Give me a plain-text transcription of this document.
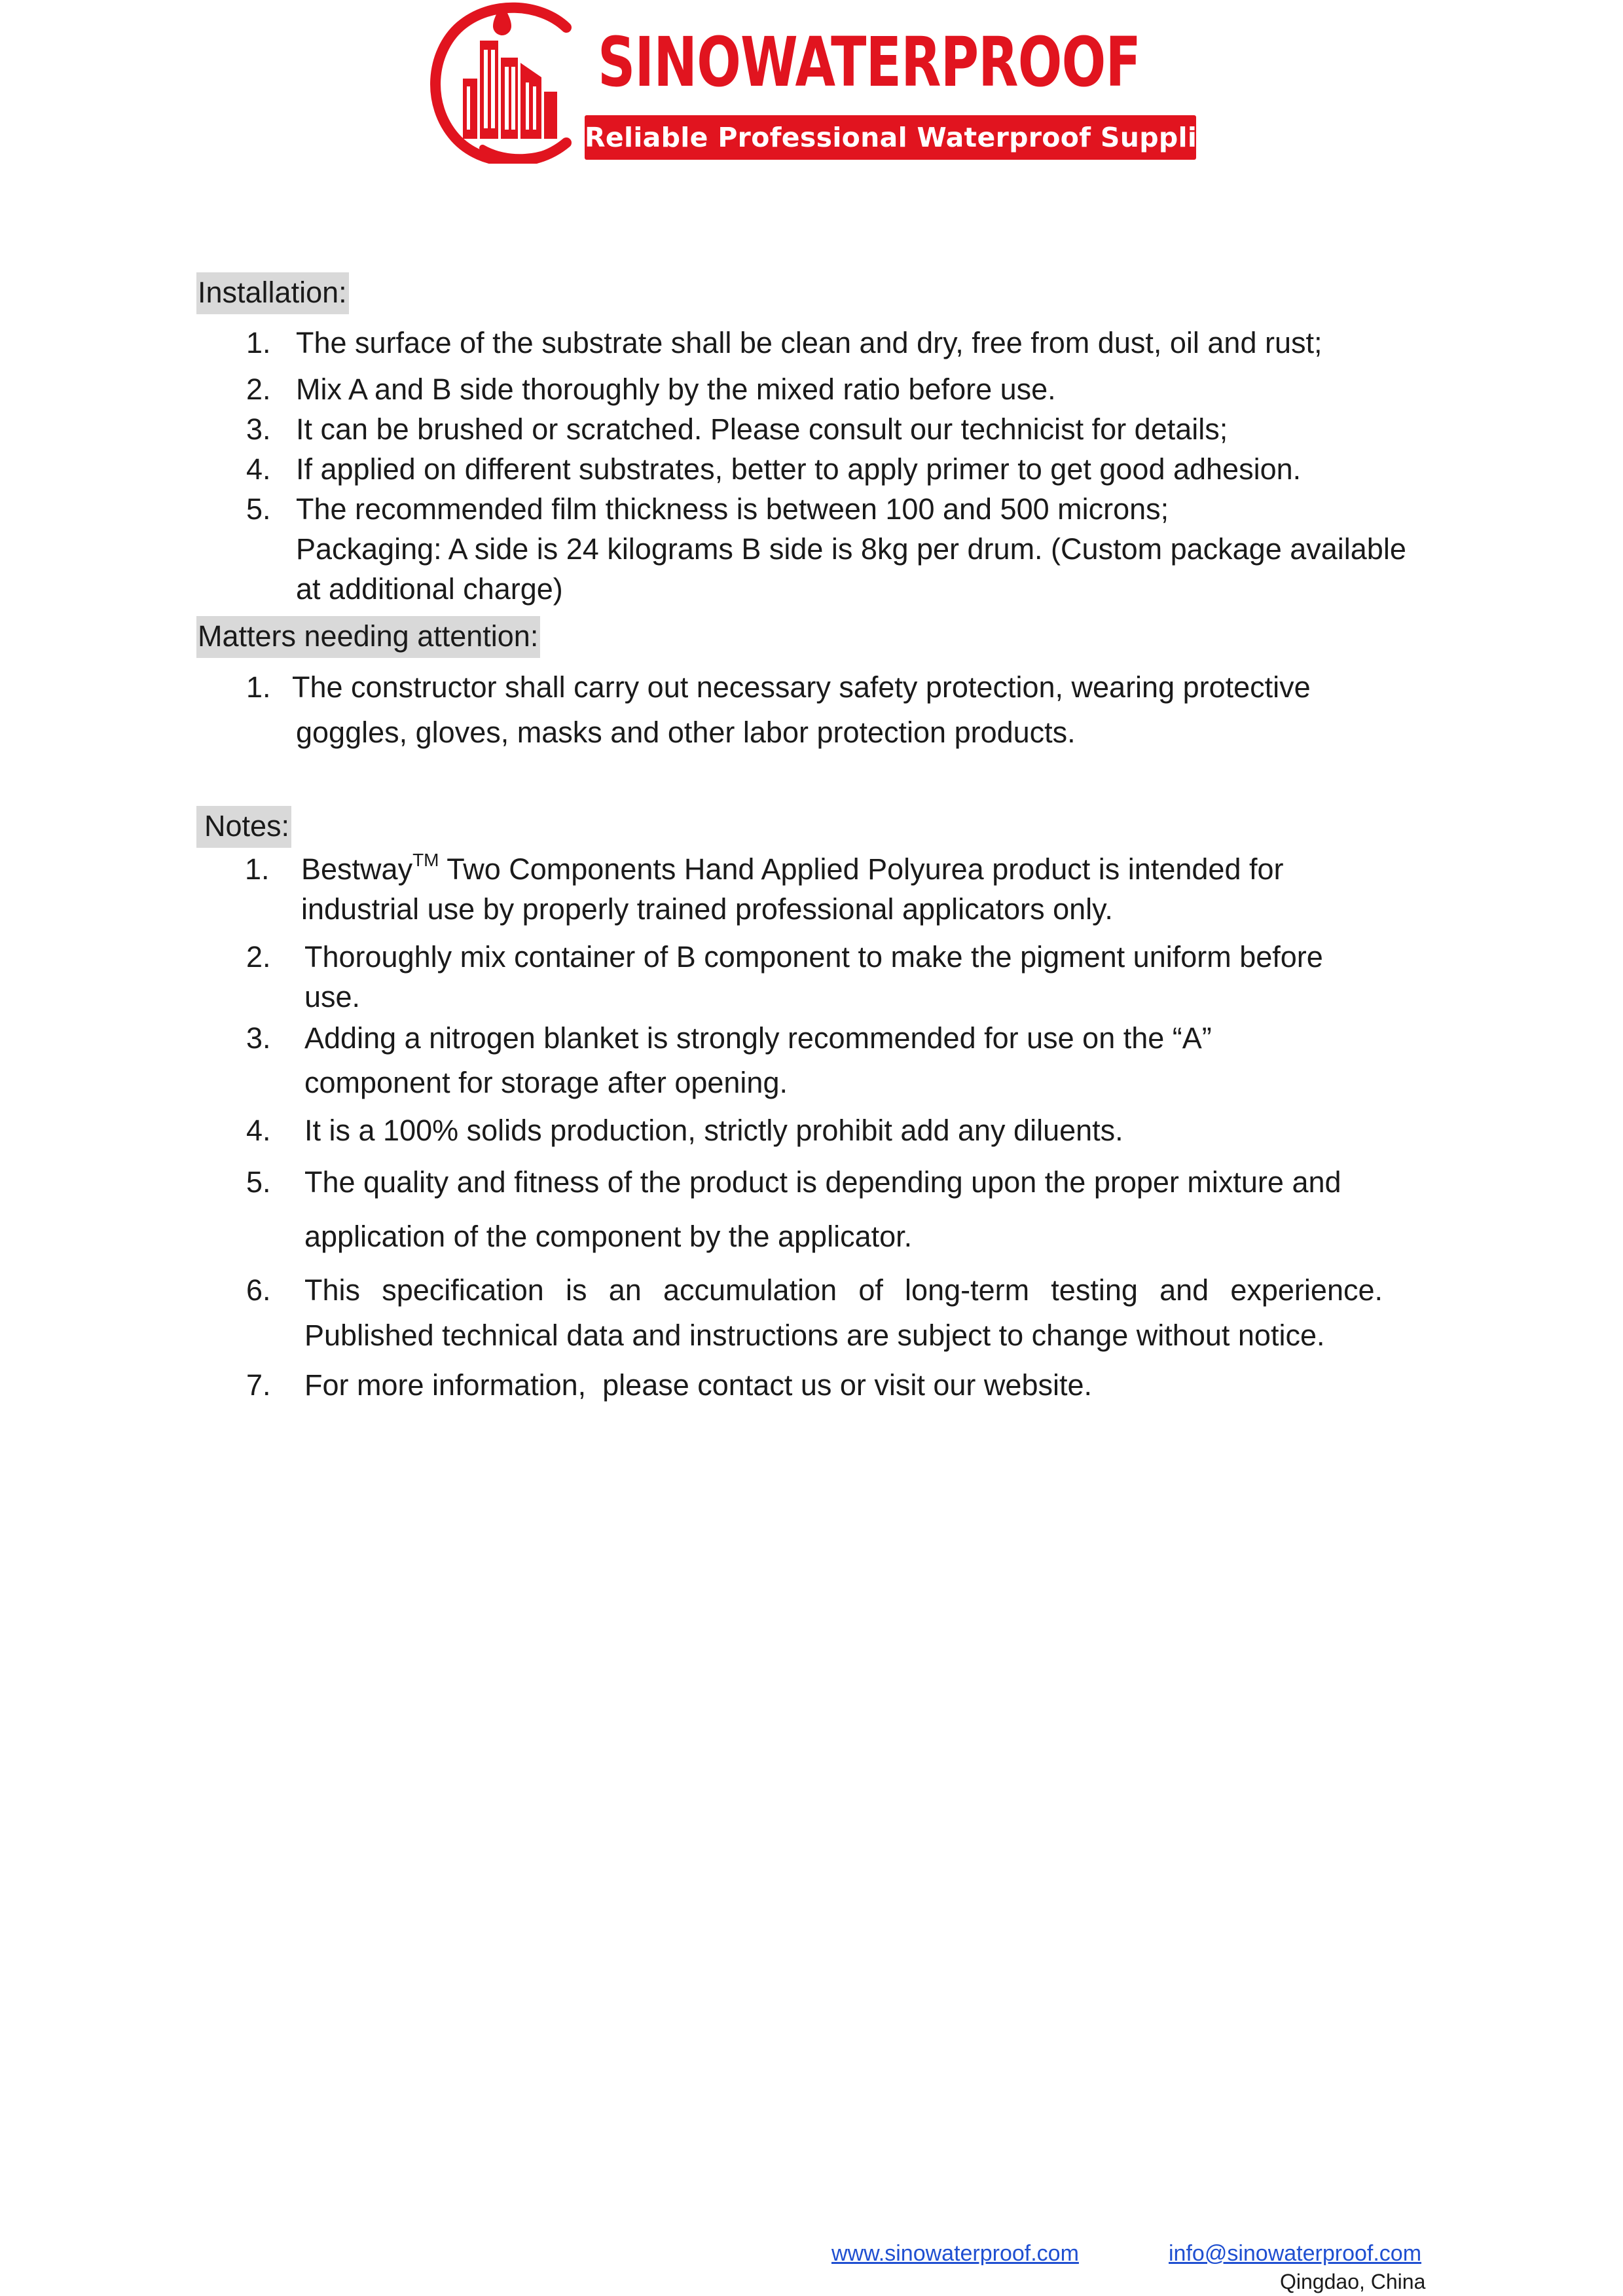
SINOWATERPROOF
Reliable Professional Waterproof Supplier
Installation:
1. The surface of the substrate shall be clean and dry, free from dust, oil and rust;
2. Mix A and B side thoroughly by the mixed ratio before use.
3. It can be brushed or scratched. Please consult our technicist for details;
4. If applied on different substrates, better to apply primer to get good adhesion.
5. The recommended film thickness is between 100 and 500 microns;
Packaging: A side is 24 kilograms B side is 8kg per drum. (Custom package available
at additional charge)
Matters needing attention:
1. The constructor shall carry out necessary safety protection, wearing protective
goggles, gloves, masks and other labor protection products.
Notes:
1. Bestway™ Two Components Hand Applied Polyurea product is intended for
industrial use by properly trained professional applicators only.
2. Thoroughly mix container of B component to make the pigment uniform before
use.
3. Adding a nitrogen blanket is strongly recommended for use on the “A”
component for storage after opening.
4. It is a 100% solids production, strictly prohibit add any diluents.
5. The quality and fitness of the product is depending upon the proper mixture and
application of the component by the applicator.
6. This specification is an accumulation of long-term testing and experience.
Published technical data and instructions are subject to change without notice.
7. For more information,  please contact us or visit our website.
www.sinowaterproof.com	info@sinowaterproof.com
Qingdao, China
